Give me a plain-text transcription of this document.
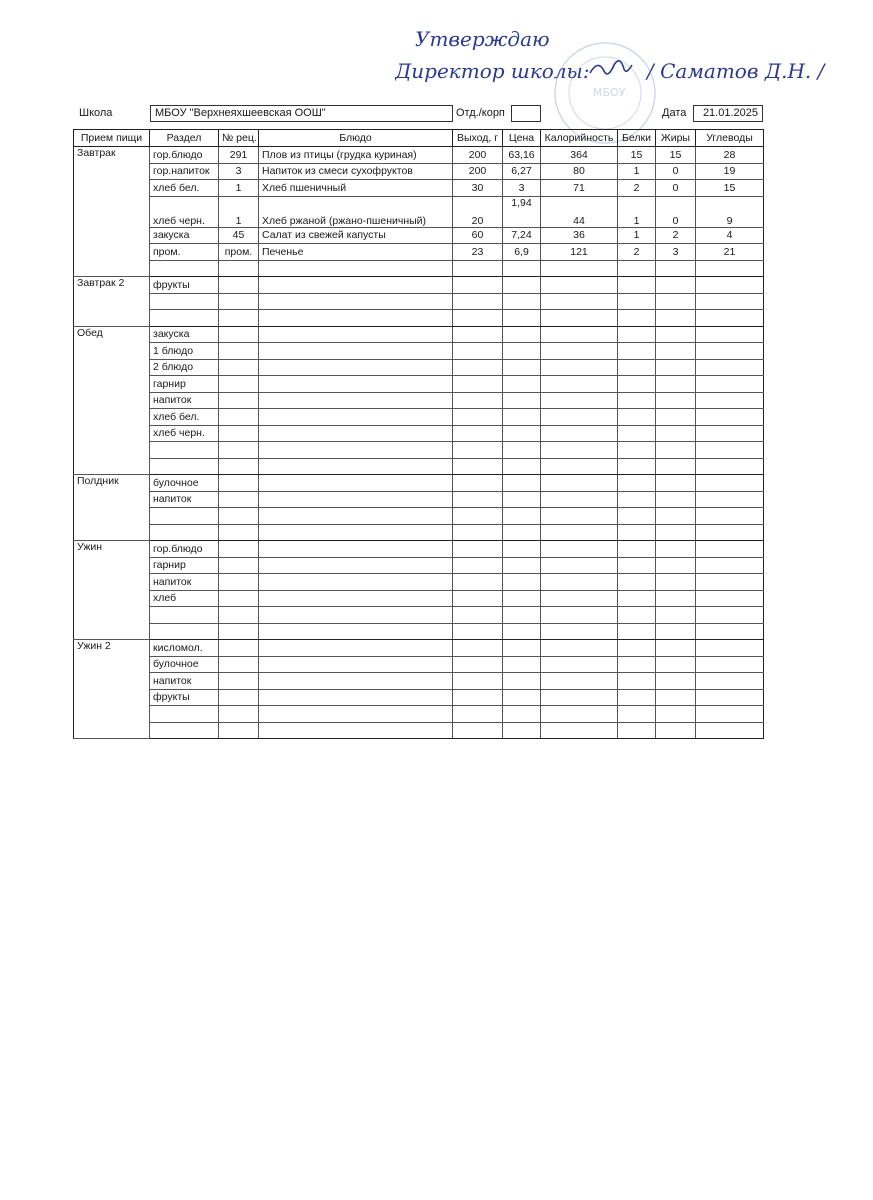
Утверждаю
Директор школы:	/ Саматов Д.Н. /
МБОУ
Школа	МБОУ "Верхнеяхшеевская ООШ"	Отд./корп	Дата	21.01.2025
Прием пищи	Раздел	№ рец.	Блюдо	Выход, г	Цена	Калорийность	Белки	Жиры	Углеводы
Завтрак	гор.блюдо	291	Плов из птицы (грудка куриная)	200	63,16	364	15	15	28
	гор.напиток	3	Напиток из смеси сухофруктов	200	6,27	80	1	0	19
	хлеб бел.	1	Хлеб пшеничный	30	3	71	2	0	15
	хлеб черн.	1	Хлеб ржаной (ржано-пшеничный)	20	1,94	44	1	0	9
	закуска	45	Салат из свежей капусты	60	7,24	36	1	2	4
	пром.	пром.	Печенье	23	6,9	121	2	3	21

Завтрак 2	фрукты								

Обед	закуска								
	1 блюдо								
	2 блюдо								
	гарнир								
	напиток								
	хлеб бел.								
	хлеб черн.								

Полдник	булочное								
	напиток								

Ужин	гор.блюдо								
	гарнир								
	напиток								
	хлеб								

Ужин 2	кисломол.								
	булочное								
	напиток								
	фрукты								
